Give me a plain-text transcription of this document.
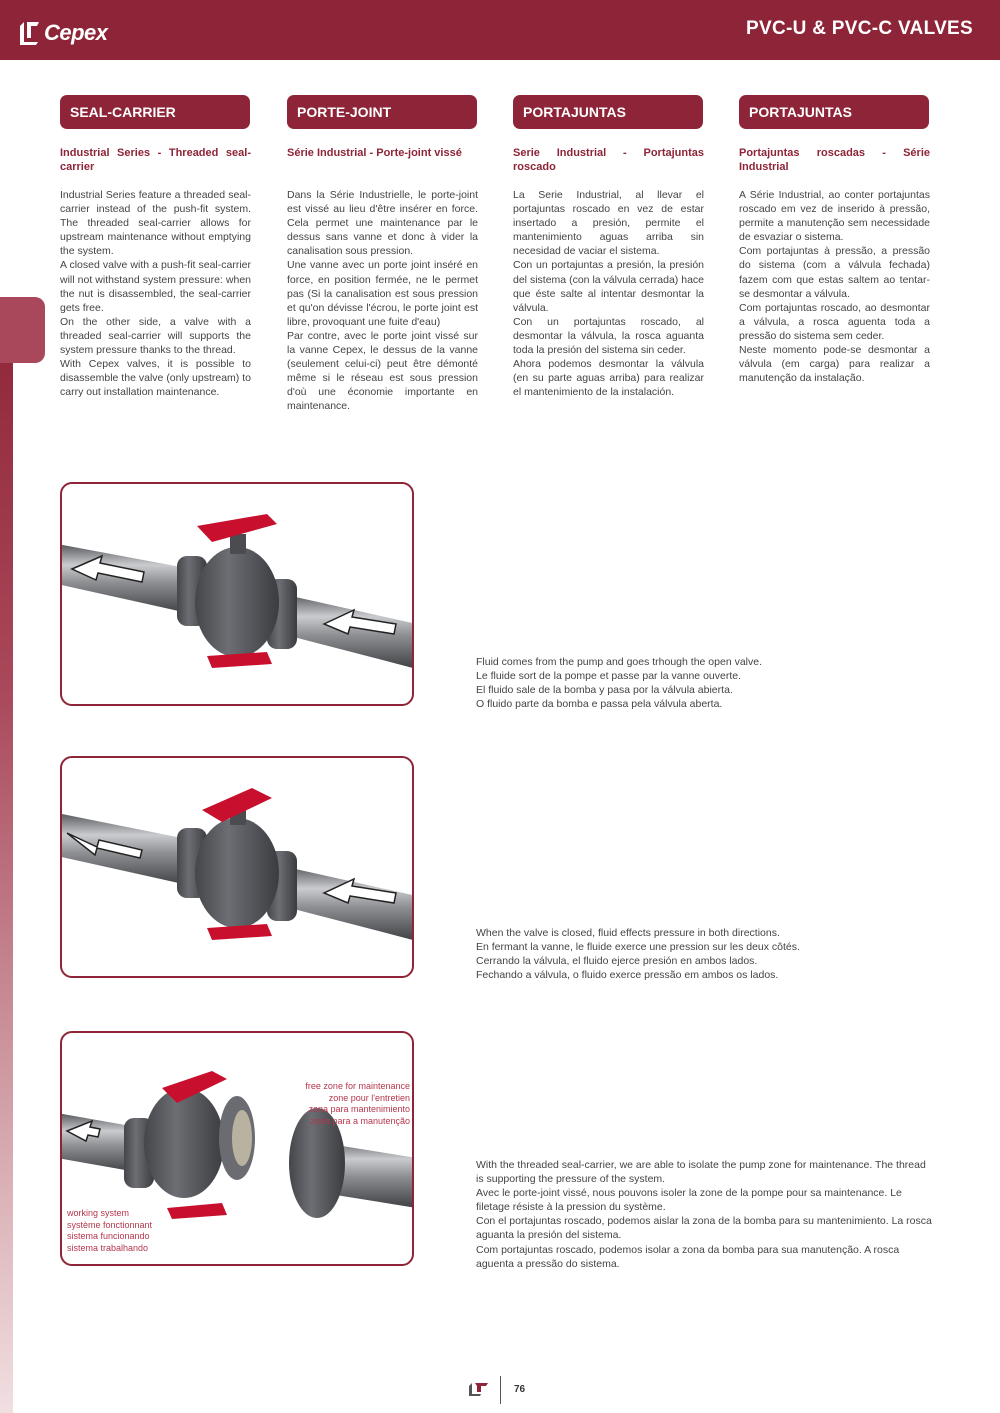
Cepex	PVC-U & PVC-C VALVES
SEAL-CARRIER
Industrial Series - Threaded seal-carrier

Industrial Series feature a threaded seal-carrier instead of the push-fit system. The threaded seal-carrier allows for upstream maintenance without emptying the system.

A closed valve with a push-fit seal-carrier will not withstand system pressure: when the nut is disassembled, the seal-carrier gets free.

On the other side, a valve with a threaded seal-carrier will supports the system pressure thanks to the thread.

With Cepex valves, it is possible to disassemble the valve (only upstream) to carry out installation maintenance.

PORTE-JOINT
Série Industrial - Porte-joint vissé

Dans la Série Industrielle, le porte-joint est vissé au lieu d'être insérer en force. Cela permet une maintenance par le dessus sans vanne et donc à vider la canalisation sous pression.

Une vanne avec un porte joint inséré en force, en position fermée, ne le permet pas (Si la canalisation est sous pression et qu'on dévisse l'écrou, le porte joint est libre, provoquant une fuite d'eau)

Par contre, avec le porte joint vissé sur la vanne Cepex, le dessus de la vanne (seulement celui-ci) peut être démonté même si le réseau est sous pression d'où une économie importante en maintenance.

PORTAJUNTAS
Serie Industrial - Portajuntas roscado

La Serie Industrial, al llevar el portajuntas roscado en vez de estar insertado a presión, permite el mantenimiento aguas arriba sin necesidad de vaciar el sistema.

Con un portajuntas a presión, la presión del sistema (con la válvula cerrada) hace que éste salte al intentar desmontar la válvula.

Con un portajuntas roscado, al desmontar la válvula, la rosca aguanta toda la presión del sistema sin ceder.

Ahora podemos desmontar la válvula (en su parte aguas arriba) para realizar el mantenimiento de la instalación.

PORTAJUNTAS
Portajuntas roscadas - Série Industrial

A Série Industrial, ao conter portajuntas roscado em vez de inserido à pressão, permite a manutenção sem necessidade de esvaziar o sistema.

Com portajuntas à pressão, a pressão do sistema (com a válvula fechada) fazem com que estas saltem ao tentar-se desmontar a válvula.

Com portajuntas roscado, ao desmontar a válvula, a rosca aguenta toda a pressão do sistema sem ceder.

Neste momento pode-se desmontar a válvula (em carga) para realizar a manutenção da instalação.

Fluid comes from the pump and goes trhough the open valve.

Le fluide sort de la pompe et passe par la vanne ouverte.

El fluido sale de la bomba y pasa por la válvula abierta.

O fluido parte da bomba e passa pela válvula aberta.

When the valve is closed, fluid effects pressure in both directions.

En fermant la vanne, le fluide exerce une pression sur les deux côtés.

Cerrando la válvula, el fluido ejerce presión en ambos lados.

Fechando a válvula, o fluido exerce pressão em ambos os lados.

free zone for maintenance
zone pour l'entretien
zona para mantenimiento
zona para a manutenção
working system
système fonctionnant
sistema funcionando
sistema trabalhando

With the threaded seal-carrier, we are able to isolate the pump zone for maintenance. The thread is supporting the pressure of the system.

Avec le porte-joint vissé, nous pouvons isoler la zone de la pompe pour sa maintenance. Le filetage résiste à la pression du système.

Con el portajuntas roscado, podemos aislar la zona de la bomba para su mantenimiento. La rosca aguanta la presión del sistema.

Com portajuntas roscado, podemos isolar a zona da bomba para sua manutenção. A rosca aguenta a pressão do sistema.

76
